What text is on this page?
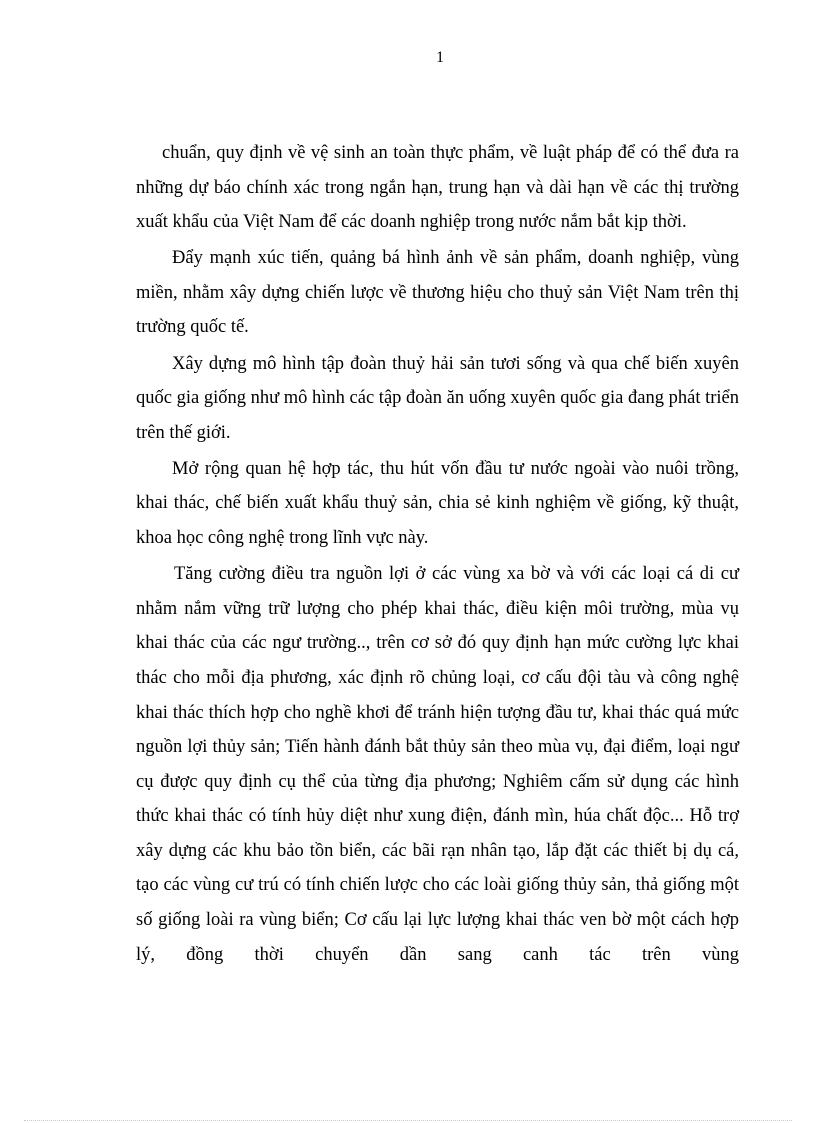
1

chuẩn, quy định về vệ sinh an toàn thực phẩm, về luật pháp để có thể đưa ra những dự báo chính xác trong ngắn hạn, trung hạn và dài hạn về các thị trường xuất khẩu của Việt Nam để các doanh nghiệp trong nước nắm bắt kịp thời.

Đẩy mạnh xúc tiến, quảng bá hình ảnh về sản phẩm, doanh nghiệp, vùng miền, nhằm xây dựng chiến lược về thương hiệu cho thuỷ sản Việt Nam trên thị trường quốc tế.

Xây dựng mô hình tập đoàn thuỷ hải sản tươi sống và qua chế biến xuyên quốc gia giống như mô hình các tập đoàn ăn uống xuyên quốc gia đang phát triển trên thế giới.

Mở rộng quan hệ hợp tác, thu hút vốn đầu tư nước ngoài vào nuôi trồng, khai thác, chế biến xuất khẩu thuỷ sản, chia sẻ kinh nghiệm về giống, kỹ thuật, khoa học công nghệ trong lĩnh vực này.

Tăng cường điều tra nguồn lợi ở các vùng xa bờ và với các loại cá di cư nhằm nắm vững trữ lượng cho phép khai thác, điều kiện môi trường, mùa vụ khai thác của các ngư trường.., trên cơ sở đó quy định hạn mức cường lực khai thác cho mỗi địa phương, xác định rõ chủng loại, cơ cấu đội tàu và công nghệ khai thác thích hợp cho nghề khơi để tránh hiện tượng đầu tư, khai thác quá mức nguồn lợi thủy sản; Tiến hành đánh bắt thủy sản theo mùa vụ, đại điểm, loại ngư cụ được quy định cụ thể của từng địa phương; Nghiêm cấm sử dụng các hình thức khai thác có tính hủy diệt như xung điện, đánh mìn, húa chất độc... Hỗ trợ xây dựng các khu bảo tồn biển, các bãi rạn nhân tạo, lắp đặt các thiết bị dụ cá, tạo các vùng cư trú có tính chiến lược cho các loài giống thủy sản, thả giống một số giống loài ra vùng biển; Cơ cấu lại lực lượng khai thác ven bờ một cách hợp lý, đồng thời chuyển dần sang canh tác trên vùng
